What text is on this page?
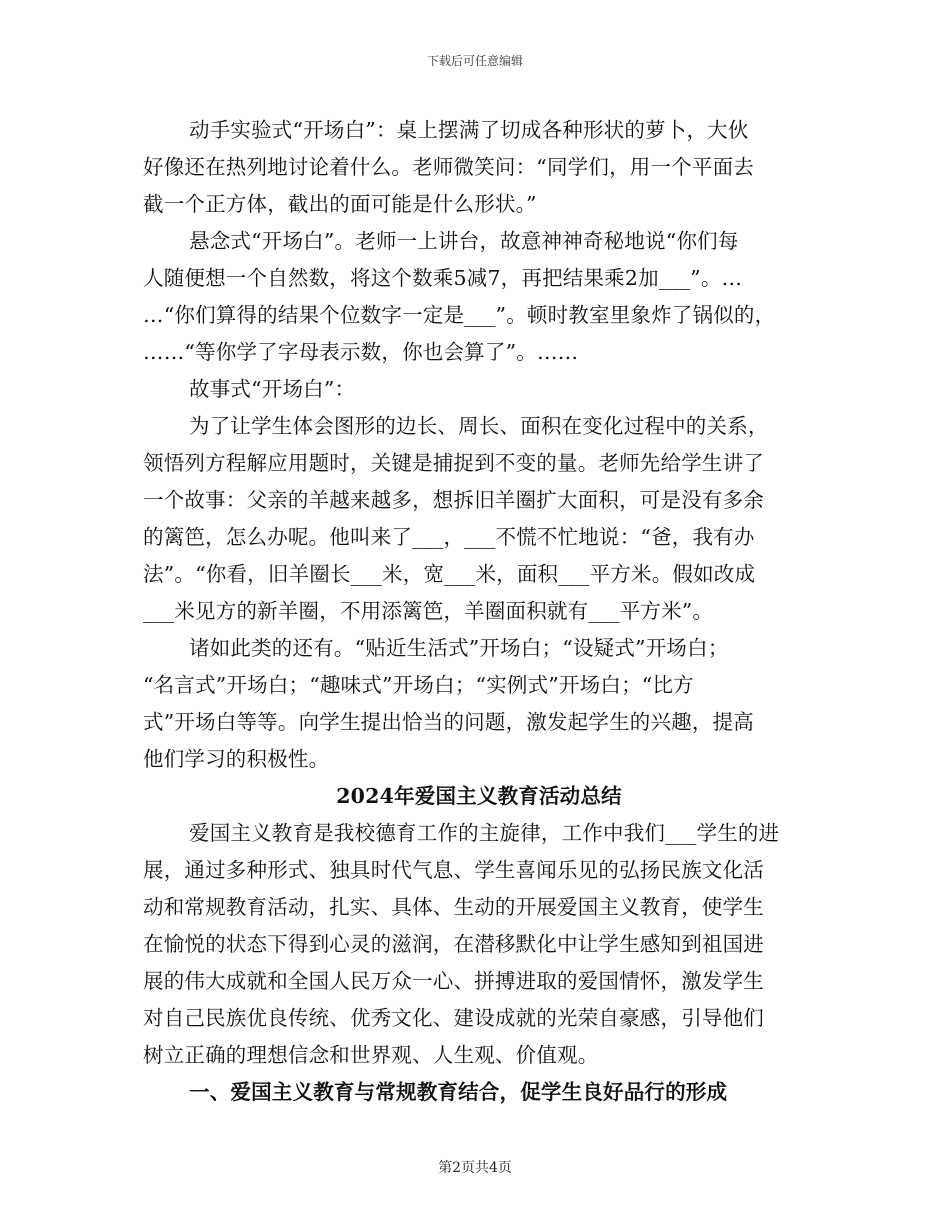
下载后可任意编辑
动手实验式“开场白”：桌上摆满了切成各种形状的萝卜，大伙
好像还在热列地讨论着什么。老师微笑问：“同学们，用一个平面去
截一个正方体，截出的面可能是什么形状。”
悬念式“开场白”。老师一上讲台，故意神神奇秘地说“你们每
人随便想一个自然数，将这个数乘5减7，再把结果乘2加___”。…
…“你们算得的结果个位数字一定是___”。顿时教室里象炸了锅似的，
……“等你学了字母表示数，你也会算了”。……
故事式“开场白”：
为了让学生体会图形的边长、周长、面积在变化过程中的关系，
领悟列方程解应用题时，关键是捕捉到不变的量。老师先给学生讲了
一个故事：父亲的羊越来越多，想拆旧羊圈扩大面积，可是没有多余
的篱笆，怎么办呢。他叫来了___，___不慌不忙地说：“爸，我有办
法”。“你看，旧羊圈长___米，宽___米，面积___平方米。假如改成
___米见方的新羊圈，不用添篱笆，羊圈面积就有___平方米”。
诸如此类的还有。“贴近生活式”开场白；“设疑式”开场白；
“名言式”开场白；“趣味式”开场白；“实例式”开场白；“比方
式”开场白等等。向学生提出恰当的问题，激发起学生的兴趣，提高
他们学习的积极性。
2024年爱国主义教育活动总结
爱国主义教育是我校德育工作的主旋律，工作中我们___学生的进
展，通过多种形式、独具时代气息、学生喜闻乐见的弘扬民族文化活
动和常规教育活动，扎实、具体、生动的开展爱国主义教育，使学生
在愉悦的状态下得到心灵的滋润，在潜移默化中让学生感知到祖国进
展的伟大成就和全国人民万众一心、拼搏进取的爱国情怀，激发学生
对自己民族优良传统、优秀文化、建设成就的光荣自豪感，引导他们
树立正确的理想信念和世界观、人生观、价值观。
一、爱国主义教育与常规教育结合，促学生良好品行的形成
第2页共4页
